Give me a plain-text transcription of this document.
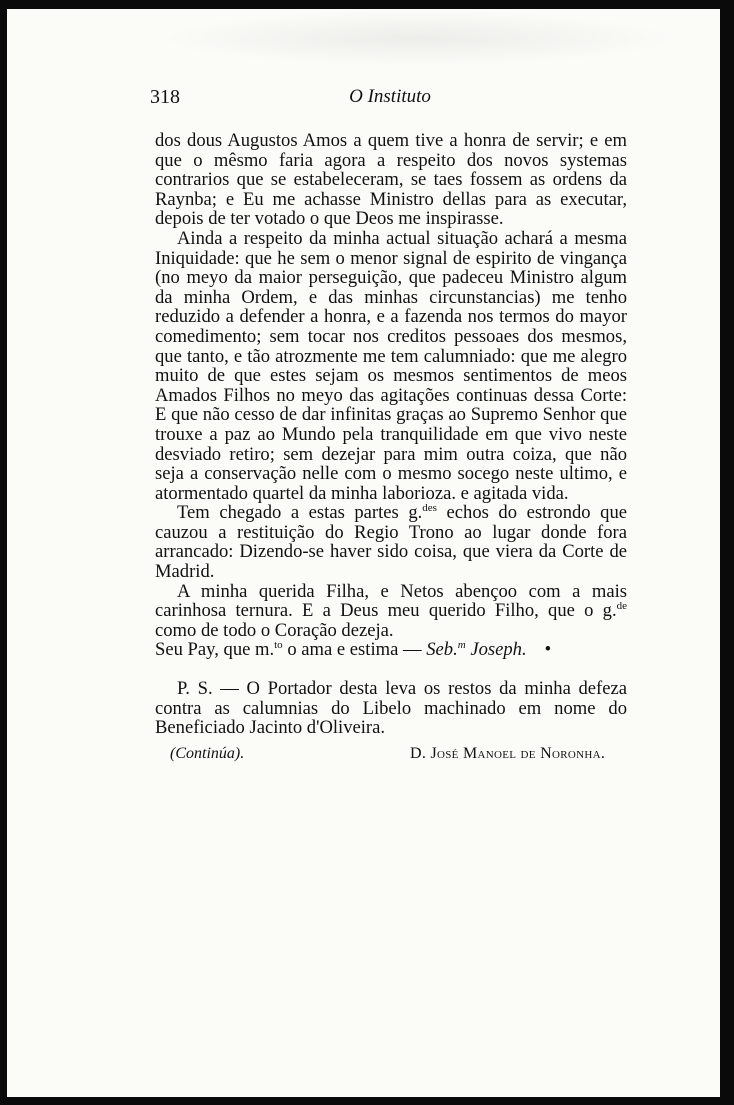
318	O Instituto

dos dous Augustos Amos a quem tive a honra de servir; e em que o mêsmo faria agora a respeito dos novos systemas contrarios que se estabeleceram, se taes fossem as ordens da Raynba; e Eu me achasse Ministro dellas para as executar, depois de ter votado o que Deos me inspirasse.

Ainda a respeito da minha actual situação achará a mesma Iniquidade: que he sem o menor signal de espirito de vingança (no meyo da maior perseguição, que padeceu Ministro algum da minha Ordem, e das minhas circunstancias) me tenho reduzido a defender a honra, e a fazenda nos termos do mayor comedimento; sem tocar nos creditos pessoaes dos mesmos, que tanto, e tão atrozmente me tem calumniado: que me alegro muito de que estes sejam os mesmos sentimentos de meos Amados Filhos no meyo das agitações continuas dessa Corte: E que não cesso de dar infinitas graças ao Supremo Senhor que trouxe a paz ao Mundo pela tranquilidade em que vivo neste desviado retiro; sem dezejar para mim outra coiza, que não seja a conservação nelle com o mesmo socego neste ultimo, e atormentado quartel da minha laborioza. e agitada vida.

Tem chegado a estas partes g.$^{des}$ echos do estrondo que cauzou a restituição do Regio Trono ao lugar donde fora arrancado: Dizendo-se haver sido coisa, que viera da Corte de Madrid.

A minha querida Filha, e Netos abençoo com a mais carinhosa ternura. E a Deus meu querido Filho, que o g.$^{de}$ como de todo o Coração dezeja.

Seu Pay, que m.$^{to}$ o ama e estima — Seb.$^m$ Joseph. •

P. S. — O Portador desta leva os restos da minha defeza contra as calumnias do Libelo machinado em nome do Beneficiado Jacinto d'Oliveira.

(Continúa).	D. José Manoel de Noronha.
